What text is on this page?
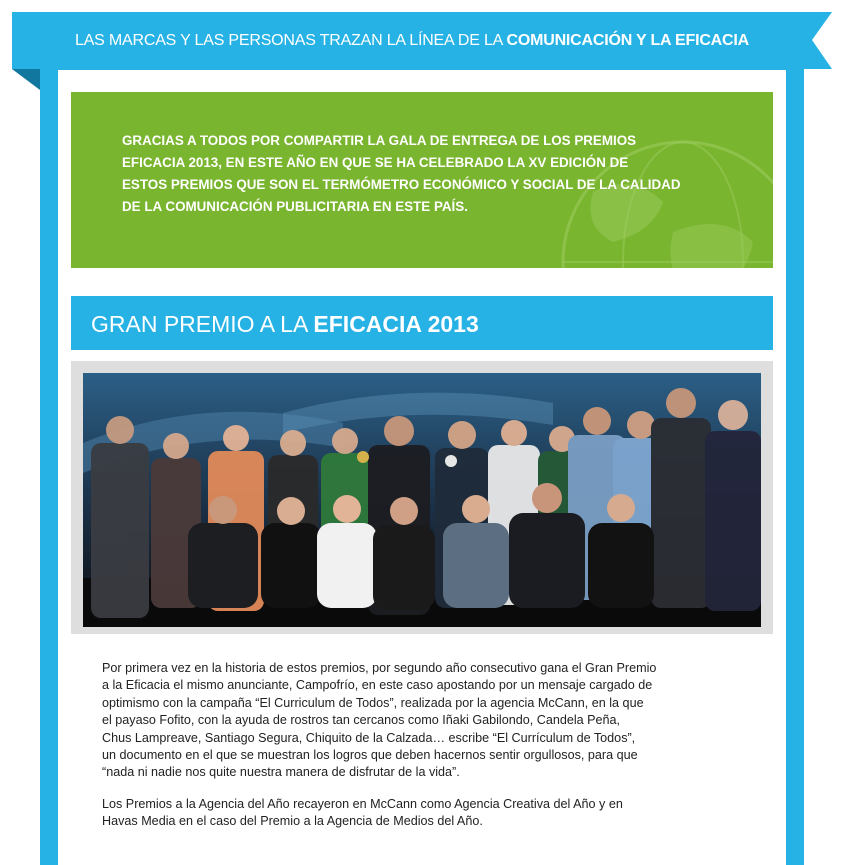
LAS MARCAS Y LAS PERSONAS TRAZAN LA LÍNEA DE LA COMUNICACIÓN Y LA EFICACIA
GRACIAS A TODOS POR COMPARTIR LA GALA DE ENTREGA DE LOS PREMIOS
EFICACIA 2013, EN ESTE AÑO EN QUE SE HA CELEBRADO LA XV EDICIÓN DE
ESTOS PREMIOS QUE SON EL TERMÓMETRO ECONÓMICO Y SOCIAL DE LA CALIDAD
DE LA COMUNICACIÓN PUBLICITARIA EN ESTE PAÍS.
GRAN PREMIO A LA EFICACIA 2013

Por primera vez en la historia de estos premios, por segundo año consecutivo gana el Gran Premio
a la Eficacia el mismo anunciante, Campofrío, en este caso apostando por un mensaje cargado de
optimismo con la campaña “El Curriculum de Todos”, realizada por la agencia McCann, en la que
el payaso Fofito, con la ayuda de rostros tan cercanos como Iñaki Gabilondo, Candela Peña,
Chus Lampreave, Santiago Segura, Chiquito de la Calzada… escribe “El Currículum de Todos”,
un documento en el que se muestran los logros que deben hacernos sentir orgullosos, para que
“nada ni nadie nos quite nuestra manera de disfrutar de la vida”.

Los Premios a la Agencia del Año recayeron en McCann como Agencia Creativa del Año y en
Havas Media en el caso del Premio a la Agencia de Medios del Año.
